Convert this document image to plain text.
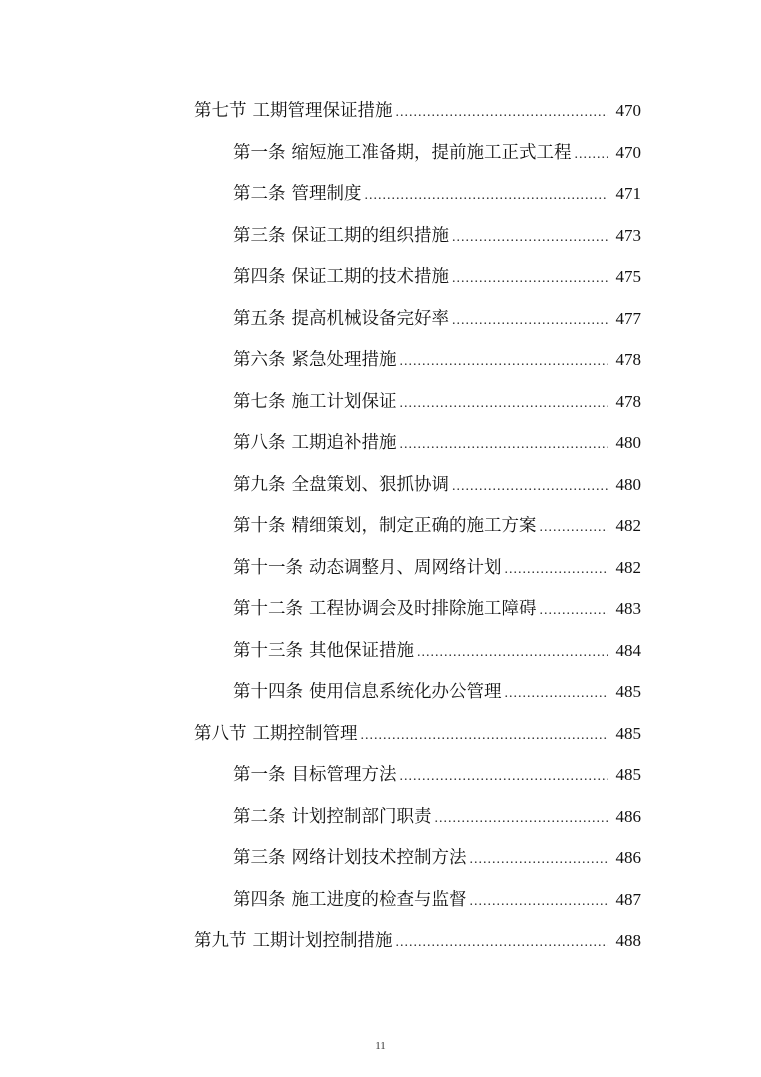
第七节 工期管理保证措施 .....	470
第一条 缩短施工准备期，提前施工正式工程 .....	470
第二条 管理制度 .....	471
第三条 保证工期的组织措施 .....	473
第四条 保证工期的技术措施 .....	475
第五条 提高机械设备完好率 .....	477
第六条 紧急处理措施 .....	478
第七条 施工计划保证 .....	478
第八条 工期追补措施 .....	480
第九条 全盘策划、狠抓协调 .....	480
第十条 精细策划，制定正确的施工方案 .....	482
第十一条 动态调整月、周网络计划 .....	482
第十二条 工程协调会及时排除施工障碍 .....	483
第十三条 其他保证措施 .....	484
第十四条 使用信息系统化办公管理 .....	485
第八节 工期控制管理 .....	485
第一条 目标管理方法 .....	485
第二条 计划控制部门职责 .....	486
第三条 网络计划技术控制方法 .....	486
第四条 施工进度的检查与监督 .....	487
第九节 工期计划控制措施 .....	488
11
